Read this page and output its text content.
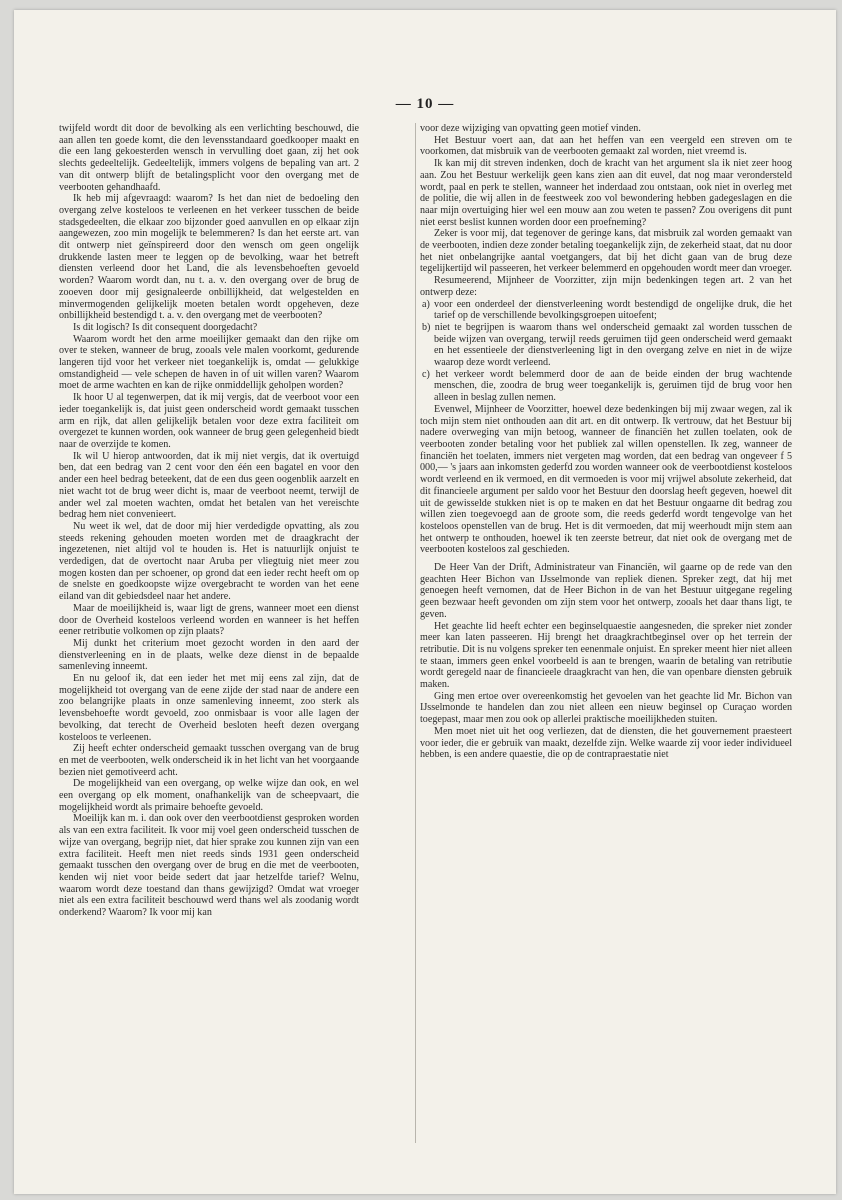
— 10 —

twijfeld wordt dit door de bevolking als een verlichting beschouwd, die aan allen ten goede komt, die den levensstandaard goedkooper maakt en die een lang gekoesterden wensch in vervulling doet gaan, zij het ook slechts gedeeltelijk. Gedeeltelijk, immers volgens de bepaling van art. 2 van dit ontwerp blijft de betalingsplicht voor den overgang met de veerbooten gehandhaafd.

Ik heb mij afgevraagd: waarom? Is het dan niet de bedoeling den overgang zelve kosteloos te verleenen en het verkeer tusschen de beide stadsgedeelten, die elkaar zoo bijzonder goed aanvullen en op elkaar zijn aangewezen, zoo min mogelijk te belemmeren? Is dan het eerste art. van dit ontwerp niet geïnspireerd door den wensch om geen ongelijk drukkende lasten meer te leggen op de bevolking, waar het betreft diensten verleend door het Land, die als levensbehoeften gevoeld worden? Waarom wordt dan, nu t. a. v. den overgang over de brug de zooeven door mij gesignaleerde onbillijkheid, dat welgestelden en minvermogenden gelijkelijk moeten betalen wordt opgeheven, deze onbillijkheid bestendigd t. a. v. den overgang met de veerbooten?

Is dit logisch? Is dit consequent doorgedacht?

Waarom wordt het den arme moeilijker gemaakt dan den rijke om over te steken, wanneer de brug, zooals vele malen voorkomt, gedurende langeren tijd voor het verkeer niet toegankelijk is, omdat — gelukkige omstandigheid — vele schepen de haven in of uit willen varen? Waarom moet de arme wachten en kan de rijke onmiddellijk geholpen worden?

Ik hoor U al tegenwerpen, dat ik mij vergis, dat de veerboot voor een ieder toegankelijk is, dat juist geen onderscheid wordt gemaakt tusschen arm en rijk, dat allen gelijkelijk betalen voor deze extra faciliteit om overgezet te kunnen worden, ook wanneer de brug geen gelegenheid biedt naar de overzijde te komen.

Ik wil U hierop antwoorden, dat ik mij niet vergis, dat ik overtuigd ben, dat een bedrag van 2 cent voor den één een bagatel en voor den ander een heel bedrag beteekent, dat de een dus geen oogenblik aarzelt en niet wacht tot de brug weer dicht is, maar de veerboot neemt, terwijl de ander wel zal moeten wachten, omdat het betalen van het vereischte bedrag hem niet convenieert.

Nu weet ik wel, dat de door mij hier verdedigde opvatting, als zou steeds rekening gehouden moeten worden met de draagkracht der ingezetenen, niet altijd vol te houden is. Het is natuurlijk onjuist te verdedigen, dat de overtocht naar Aruba per vliegtuig niet meer zou mogen kosten dan per schoener, op grond dat een ieder recht heeft om op de snelste en goedkoopste wijze overgebracht te worden van het eene eiland van dit gebiedsdeel naar het andere.

Maar de moeilijkheid is, waar ligt de grens, wanneer moet een dienst door de Overheid kosteloos verleend worden en wanneer is het heffen eener retributie volkomen op zijn plaats?

Mij dunkt het criterium moet gezocht worden in den aard der dienstverleening en in de plaats, welke deze dienst in de bepaalde samenleving inneemt.

En nu geloof ik, dat een ieder het met mij eens zal zijn, dat de mogelijkheid tot overgang van de eene zijde der stad naar de andere een zoo belangrijke plaats in onze samenleving inneemt, zoo sterk als levensbehoefte wordt gevoeld, zoo onmisbaar is voor alle lagen der bevolking, dat terecht de Overheid besloten heeft dezen overgang kosteloos te verleenen.

Zij heeft echter onderscheid gemaakt tusschen overgang van de brug en met de veerbooten, welk onderscheid ik in het licht van het voorgaande bezien niet gemotiveerd acht.

De mogelijkheid van een overgang, op welke wijze dan ook, en wel een overgang op elk moment, onafhankelijk van de scheepvaart, die mogelijkheid wordt als primaire behoefte gevoeld.

Moeilijk kan m. i. dan ook over den veerbootdienst gesproken worden als van een extra faciliteit. Ik voor mij voel geen onderscheid tusschen de wijze van overgang, begrijp niet, dat hier sprake zou kunnen zijn van een extra faciliteit. Heeft men niet reeds sinds 1931 geen onderscheid gemaakt tusschen den overgang over de brug en die met de veerbooten, kenden wij niet voor beide sedert dat jaar hetzelfde tarief? Welnu, waarom wordt deze toestand dan thans gewijzigd? Omdat wat vroeger niet als een extra faciliteit beschouwd werd thans wel als zoodanig wordt onderkend? Waarom? Ik voor mij kan

voor deze wijziging van opvatting geen motief vinden.

Het Bestuur voert aan, dat aan het heffen van een veergeld een streven om te voorkomen, dat misbruik van de veerbooten gemaakt zal worden, niet vreemd is.

Ik kan mij dit streven indenken, doch de kracht van het argument sla ik niet zeer hoog aan. Zou het Bestuur werkelijk geen kans zien aan dit euvel, dat nog maar verondersteld wordt, paal en perk te stellen, wanneer het inderdaad zou ontstaan, ook niet in overleg met de politie, die wij allen in de feestweek zoo vol bewondering hebben gadegeslagen en die naar mijn overtuiging hier wel een mouw aan zou weten te passen? Zou overigens dit punt niet eerst beslist kunnen worden door een proefneming?

Zeker is voor mij, dat tegenover de geringe kans, dat misbruik zal worden gemaakt van de veerbooten, indien deze zonder betaling toegankelijk zijn, de zekerheid staat, dat nu door het niet onbelangrijke aantal voetgangers, dat bij het dicht gaan van de brug deze tegelijkertijd wil passeeren, het verkeer belemmerd en opgehouden wordt meer dan vroeger.

Resumeerend, Mijnheer de Voorzitter, zijn mijn bedenkingen tegen art. 2 van het ontwerp deze:

a) voor een onderdeel der dienstverleening wordt bestendigd de ongelijke druk, die het tarief op de verschillende bevolkingsgroepen uitoefent;

b) niet te begrijpen is waarom thans wel onderscheid gemaakt zal worden tusschen de beide wijzen van overgang, terwijl reeds geruimen tijd geen onderscheid werd gemaakt en het essentieele der dienstverleening ligt in den overgang zelve en niet in de wijze waarop deze wordt verleend.

c) het verkeer wordt belemmerd door de aan de beide einden der brug wachtende menschen, die, zoodra de brug weer toegankelijk is, geruimen tijd de brug voor hen alleen in beslag zullen nemen.

Evenwel, Mijnheer de Voorzitter, hoewel deze bedenkingen bij mij zwaar wegen, zal ik toch mijn stem niet onthouden aan dit art. en dit ontwerp. Ik vertrouw, dat het Bestuur bij nadere overweging van mijn betoog, wanneer de financiën het zullen toelaten, ook de veerbooten zonder betaling voor het publiek zal willen openstellen. Ik zeg, wanneer de financiën het toelaten, immers niet vergeten mag worden, dat een bedrag van ongeveer f 5 000,— 's jaars aan inkomsten gederfd zou worden wanneer ook de veerbootdienst kosteloos wordt verleend en ik vermoed, en dit vermoeden is voor mij vrijwel absolute zekerheid, dat dit financieele argument per saldo voor het Bestuur den doorslag heeft gegeven, hoewel dit uit de gewisselde stukken niet is op te maken en dat het Bestuur ongaarne dit bedrag zou willen zien toegevoegd aan de groote som, die reeds gederfd wordt tengevolge van het kosteloos openstellen van de brug. Het is dit vermoeden, dat mij weerhoudt mijn stem aan het ontwerp te onthouden, hoewel ik ten zeerste betreur, dat niet ook de overgang met de veerbooten kosteloos zal geschieden.

De Heer Van der Drift, Administrateur van Financiën, wil gaarne op de rede van den geachten Heer Bichon van IJsselmonde van repliek dienen. Spreker zegt, dat hij met genoegen heeft vernomen, dat de Heer Bichon in de van het Bestuur uitgegane regeling geen bezwaar heeft gevonden om zijn stem voor het ontwerp, zooals het daar thans ligt, te geven.

Het geachte lid heeft echter een beginselquaestie aangesneden, die spreker niet zonder meer kan laten passeeren. Hij brengt het draagkrachtbeginsel over op het terrein der retributie. Dit is nu volgens spreker ten eenenmale onjuist. En spreker meent hier niet alleen te staan, immers geen enkel voorbeeld is aan te brengen, waarin de betaling van retributie wordt geregeld naar de financieele draagkracht van hen, die van openbare diensten gebruik maken.

Ging men ertoe over overeenkomstig het gevoelen van het geachte lid Mr. Bichon van IJsselmonde te handelen dan zou niet alleen een nieuw beginsel op Curaçao worden toegepast, maar men zou ook op allerlei praktische moeilijkheden stuiten.

Men moet niet uit het oog verliezen, dat de diensten, die het gouvernement praesteert voor ieder, die er gebruik van maakt, dezelfde zijn. Welke waarde zij voor ieder individueel hebben, is een andere quaestie, die op de contrapraestatie niet
